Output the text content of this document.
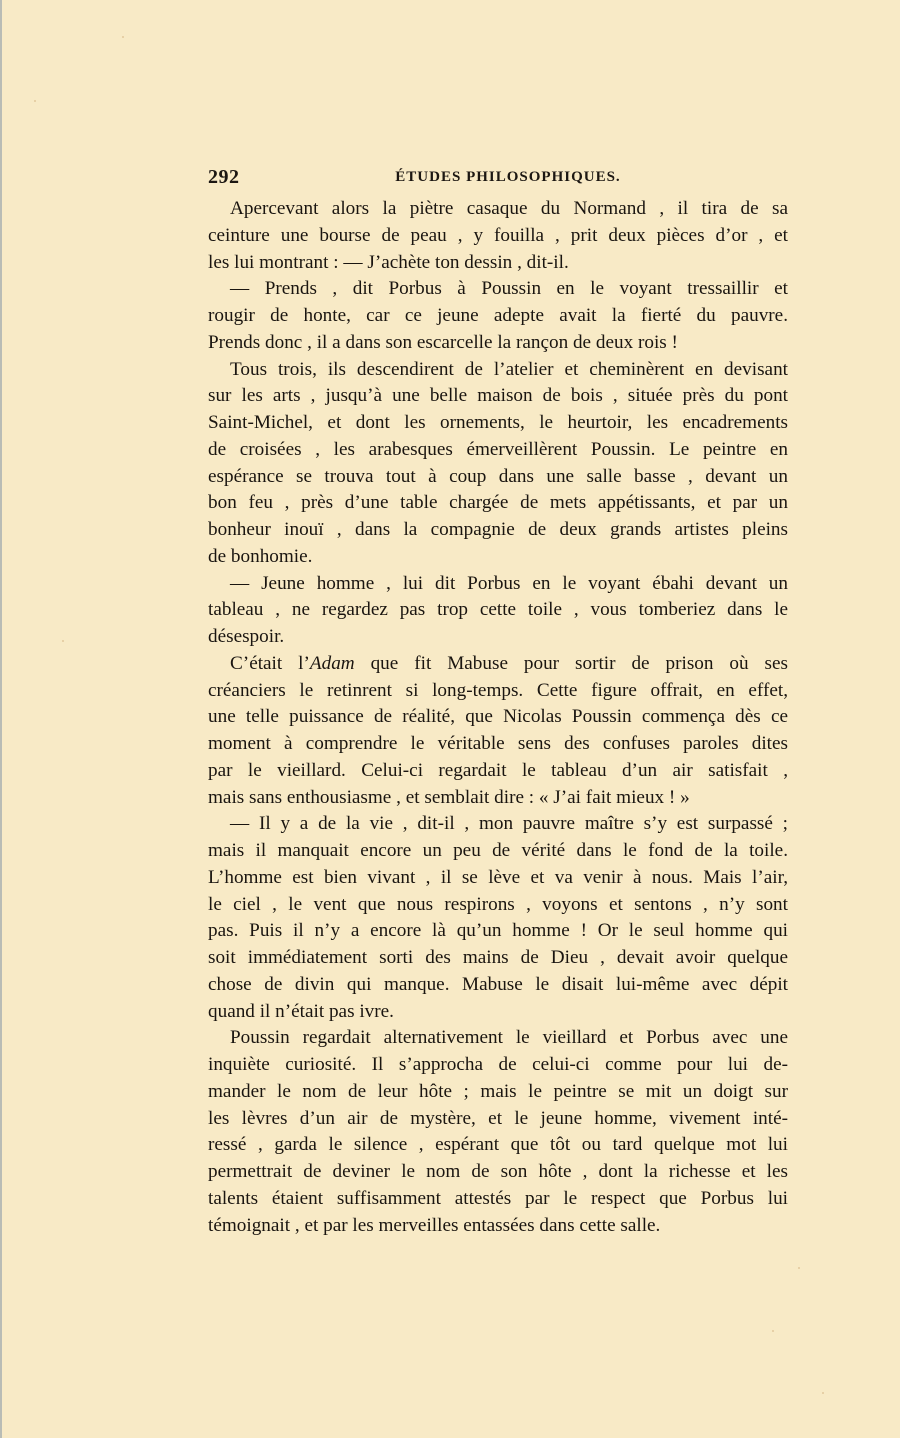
292	ÉTUDES PHILOSOPHIQUES.
Apercevant alors la piètre casaque du Normand , il tira de sa
ceinture une bourse de peau , y fouilla , prit deux pièces d’or , et
les lui montrant : — J’achète ton dessin , dit-il.
— Prends , dit Porbus à Poussin en le voyant tressaillir et
rougir de honte, car ce jeune adepte avait la fierté du pauvre.
Prends donc , il a dans son escarcelle la rançon de deux rois !
Tous trois, ils descendirent de l’atelier et cheminèrent en devisant
sur les arts , jusqu’à une belle maison de bois , située près du pont
Saint-Michel, et dont les ornements, le heurtoir, les encadrements
de croisées , les arabesques émerveillèrent Poussin. Le peintre en
espérance se trouva tout à coup dans une salle basse , devant un
bon feu , près d’une table chargée de mets appétissants, et par un
bonheur inouï , dans la compagnie de deux grands artistes pleins
de bonhomie.
— Jeune homme , lui dit Porbus en le voyant ébahi devant un
tableau , ne regardez pas trop cette toile , vous tomberiez dans le
désespoir.
C’était l’Adam que fit Mabuse pour sortir de prison où ses
créanciers le retinrent si long-temps. Cette figure offrait, en effet,
une telle puissance de réalité, que Nicolas Poussin commença dès ce
moment à comprendre le véritable sens des confuses paroles dites
par le vieillard. Celui-ci regardait le tableau d’un air satisfait ,
mais sans enthousiasme , et semblait dire : « J’ai fait mieux ! »
— Il y a de la vie , dit-il , mon pauvre maître s’y est surpassé ;
mais il manquait encore un peu de vérité dans le fond de la toile.
L’homme est bien vivant , il se lève et va venir à nous. Mais l’air,
le ciel , le vent que nous respirons , voyons et sentons , n’y sont
pas. Puis il n’y a encore là qu’un homme ! Or le seul homme qui
soit immédiatement sorti des mains de Dieu , devait avoir quelque
chose de divin qui manque. Mabuse le disait lui-même avec dépit
quand il n’était pas ivre.
Poussin regardait alternativement le vieillard et Porbus avec une
inquiète curiosité. Il s’approcha de celui-ci comme pour lui de-
mander le nom de leur hôte ; mais le peintre se mit un doigt sur
les lèvres d’un air de mystère, et le jeune homme, vivement inté-
ressé , garda le silence , espérant que tôt ou tard quelque mot lui
permettrait de deviner le nom de son hôte , dont la richesse et les
talents étaient suffisamment attestés par le respect que Porbus lui
témoignait , et par les merveilles entassées dans cette salle.
